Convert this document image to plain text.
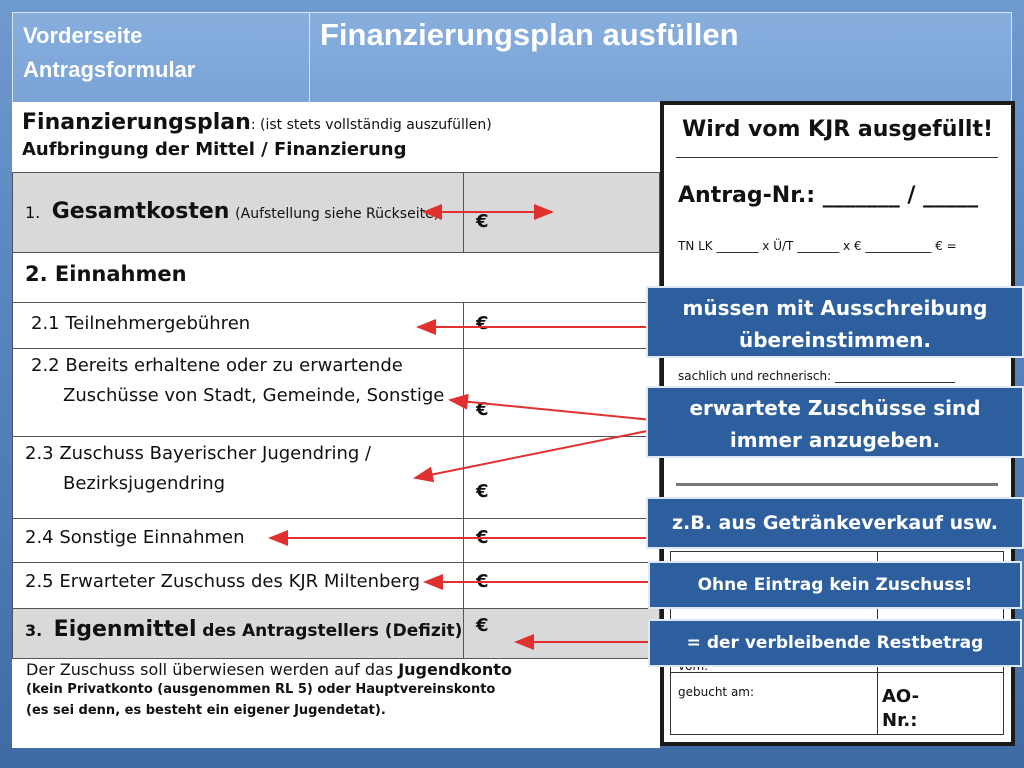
Vorderseite
Antragsformular
Finanzierungsplan ausfüllen
Finanzierungsplan: (ist stets vollständig auszufüllen)
Aufbringung der Mittel / Finanzierung
1. Gesamtkosten (Aufstellung siehe Rückseite)	€

2. Einnahmen	

2.1 Teilnehmergebühren	€

2.2 Bereits erhaltene oder zu erwartende
Zuschüsse von Stadt, Gemeinde, Sonstige	€

2.3 Zuschuss Bayerischer Jugendring /
Bezirksjugendring	€

2.4 Sonstige Einnahmen	€

2.5 Erwarteter Zuschuss des KJR Miltenberg	€

3. Eigenmittel des Antragstellers (Defizit)	€
Der Zuschuss soll überwiesen werden auf das Jugendkonto
(kein Privatkonto (ausgenommen RL 5) oder Hauptvereinskonto
(es sei denn, es besteht ein eigener Jugendetat).
Wird vom KJR ausgefüllt!
Antrag-Nr.: _______ / _____
TN LK _______ x Ü/T _______ x € ___________ € =
sachlich und rechnerisch: ____________________
gebucht am:	AO-
Nr.:
müssen mit Ausschreibung
übereinstimmen.
erwartete Zuschüsse sind
immer anzugeben.
z.B. aus Getränkeverkauf usw.
Ohne Eintrag kein Zuschuss!
= der verbleibende Restbetrag
